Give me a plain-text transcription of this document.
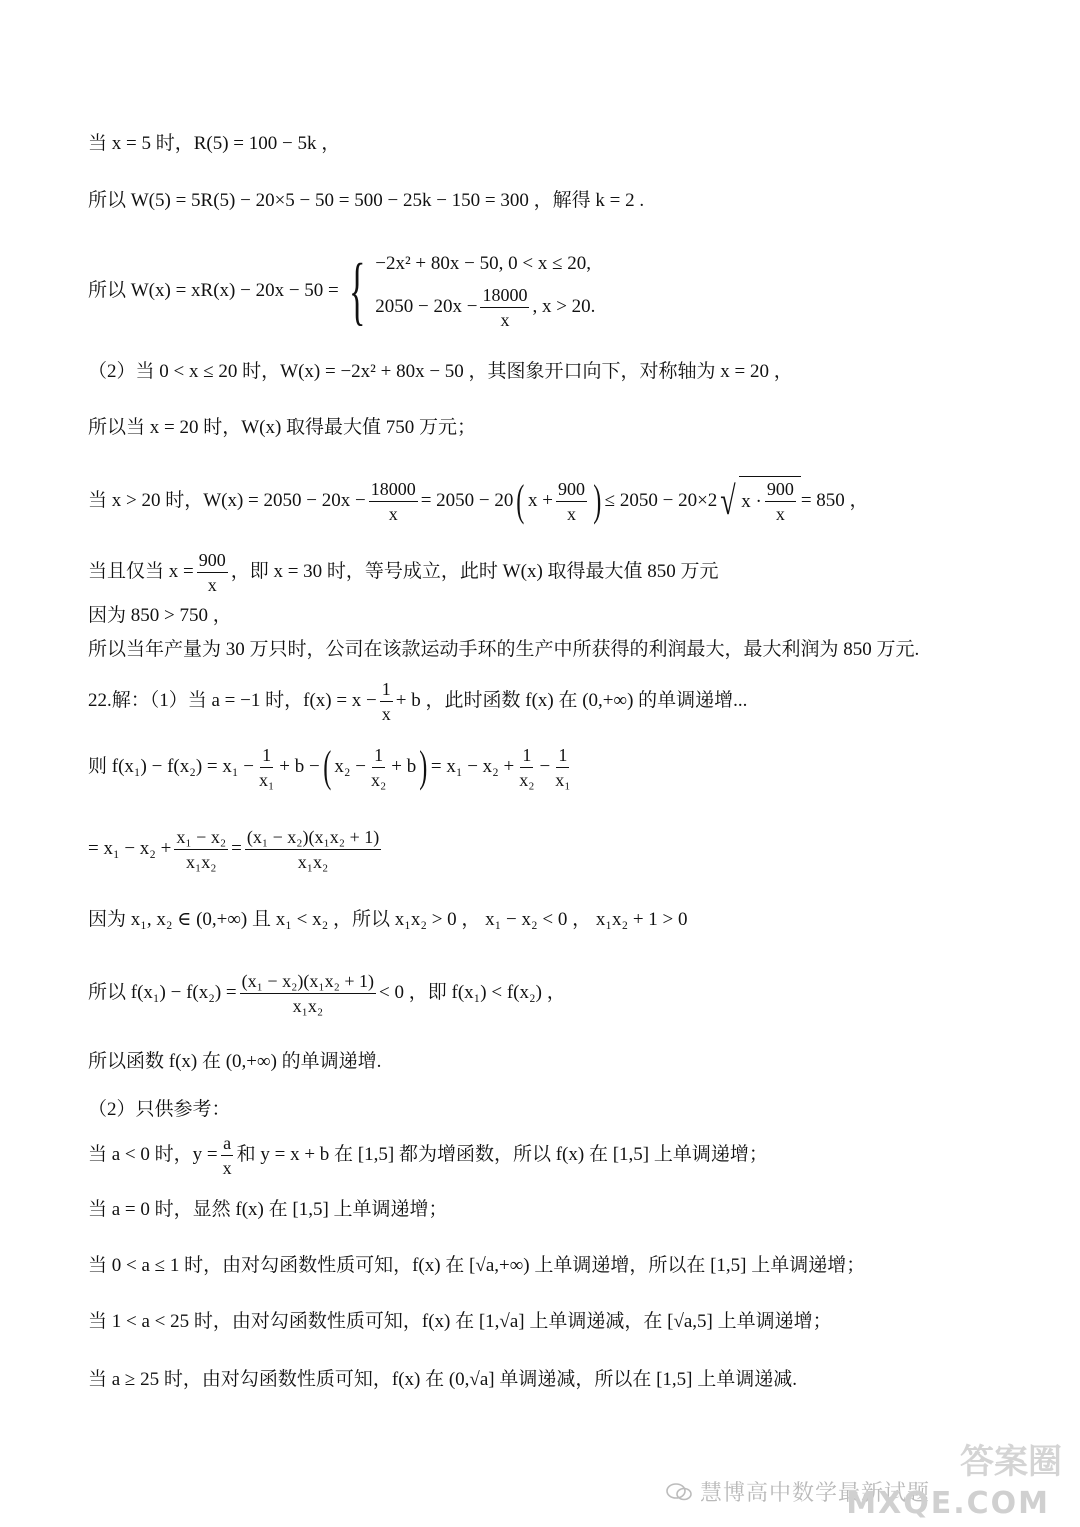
当 x = 5 时，R(5) = 100 − 5k ，
所以 W(5) = 5R(5) − 20×5 − 50 = 500 − 25k − 150 = 300 ，解得 k = 2 .
所以 W(x) = xR(x) − 20x − 50 = { −2x² + 80x − 50, 0 < x ≤ 20,
$2050 - 20x - \frac{18000}{x}$ , x > 20.
（2）当 0 < x ≤ 20 时，W(x) = −2x² + 80x − 50 ，其图象开口向下，对称轴为 x = 20 ，
所以当 x = 20 时，W(x) 取得最大值 750 万元；
当 x > 20 时，$W(x) = 2050 - 20x - \frac{18000}{x} = 2050 - 20$ ( $x + \frac{900}{x}$ ) ≤ 2050 − 20×2 √ $x \cdot \frac{900}{x} = 850$ ，
当且仅当 $x = \frac{900}{x}$ ，即 x = 30 时，等号成立，此时 W(x) 取得最大值 850 万元
因为 850 > 750 ，
所以当年产量为 30 万只时，公司在该款运动手环的生产中所获得的利润最大，最大利润为 850 万元.
22.解：（1）当 a = −1 时，$f(x) = x - \frac{1}{x} + b$ ，此时函数 f(x) 在 (0,+∞) 的单调递增...
则 $f(x_1) - f(x_2) = x_1 - \frac{1}{\text{x₁}} + b$ − ( $x_2 - \frac{1}{\text{x₂}} + b$ ) = $x_1 - x_2 + \frac{1}{\text{x₂}} - \frac{1}{\text{x₁}}$
= $x_1 - x_2 + \frac{\text{x₁ − x₂}}{\text{x₁x₂}} = \frac{\text{(x₁ − x₂)(x₁x₂ + 1)}}{\text{x₁x₂}}$
因为 x₁, x₂ ∈ (0,+∞) 且 x₁ < x₂ ，所以 x₁x₂ > 0 ， x₁ − x₂ < 0 ， x₁x₂ + 1 > 0
所以 $f(x_1) - f(x_2) = \frac{\text{(x₁ − x₂)(x₁x₂ + 1)}}{\text{x₁x₂}} < 0$ ，即 f(x₁) < f(x₂) ，
所以函数 f(x) 在 (0,+∞) 的单调递增.
（2）只供参考：
当 a < 0 时，$y = \frac{a}{x}$ 和 y = x + b 在 [1,5] 都为增函数，所以 f(x) 在 [1,5] 上单调递增；
当 a = 0 时，显然 f(x) 在 [1,5] 上单调递增；
当 0 < a ≤ 1 时，由对勾函数性质可知，f(x) 在 [√a,+∞) 上单调递增，所以在 [1,5] 上单调递增；
当 1 < a < 25 时，由对勾函数性质可知，f(x) 在 [1,√a] 上单调递减，在 [√a,5] 上单调递增；
当 a ≥ 25 时，由对勾函数性质可知，f(x) 在 (0,√a] 单调递减，所以在 [1,5] 上单调递减.
答案圈
慧博高中数学最新试题
MXQE.COM
